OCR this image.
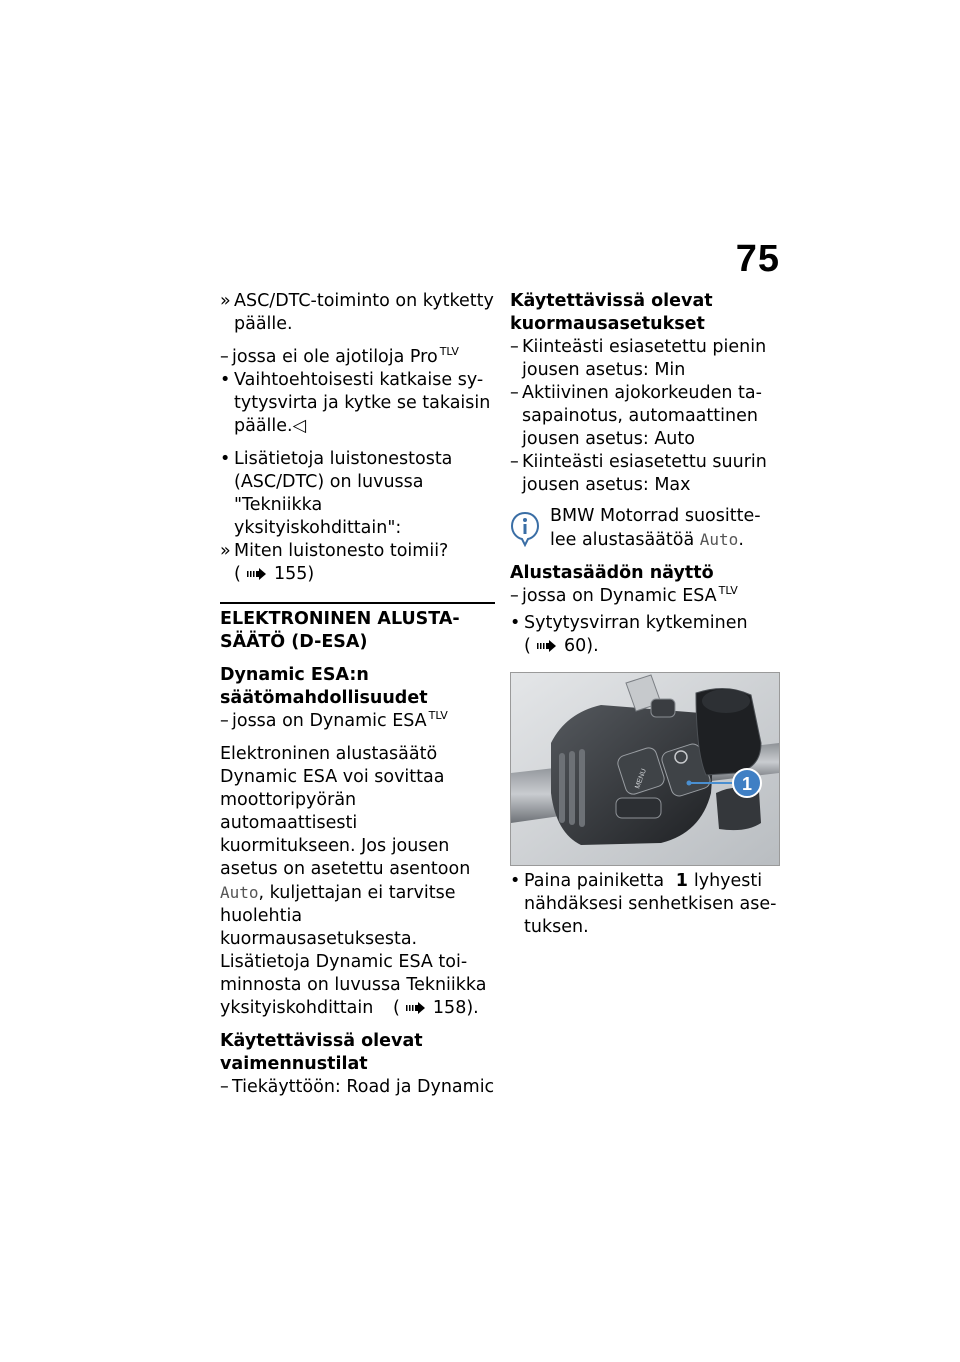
75
» ASC/DTC-toiminto on kytketty
päälle.
– jossa ei ole ajotiloja Pro $^{TLV}$
• Vaihtoehtoisesti katkaise sy-
tytysvirta ja kytke se takaisin
päälle.◁
• Lisätietoja luistonestosta
(ASC/DTC) on luvussa
"Tekniikka yksityiskohdittain":
» Miten luistonesto toimii?
( 155)
ELEKTRONINEN ALUSTA-
SÄÄTÖ (D-ESA)
Dynamic ESA:n
säätömahdollisuudet
– jossa on Dynamic ESA $^{TLV}$
Elektroninen alustasäätö
Dynamic ESA voi sovittaa
moottoripyörän automaattisesti
kuormitukseen. Jos jousen
asetus on asetettu asentoon
Auto, kuljettajan ei tarvitse
huolehtia kuormausasetuksesta.
Lisätietoja Dynamic ESA toi-
minnosta on luvussa Tekniikka
yksityiskohdittain ( 158).
Käytettävissä olevat
vaimennustilat
– Tiekäyttöön: Road ja Dynamic
Käytettävissä olevat
kuormausasetukset
– Kiinteästi esiasetettu pienin
jousen asetus: Min
– Aktiivinen ajokorkeuden ta-
sapainotus, automaattinen
jousen asetus: Auto
– Kiinteästi esiasetettu suurin
jousen asetus: Max
BMW Motorrad suositte-
lee alustasäätöä Auto.
Alustasäädön näyttö
– jossa on Dynamic ESA $^{TLV}$
• Sytytysvirran kytkeminen
( 60).
1
MENU
• Paina painiketta 1 lyhyesti
nähdäksesi senhetkisen ase-
tuksen.
